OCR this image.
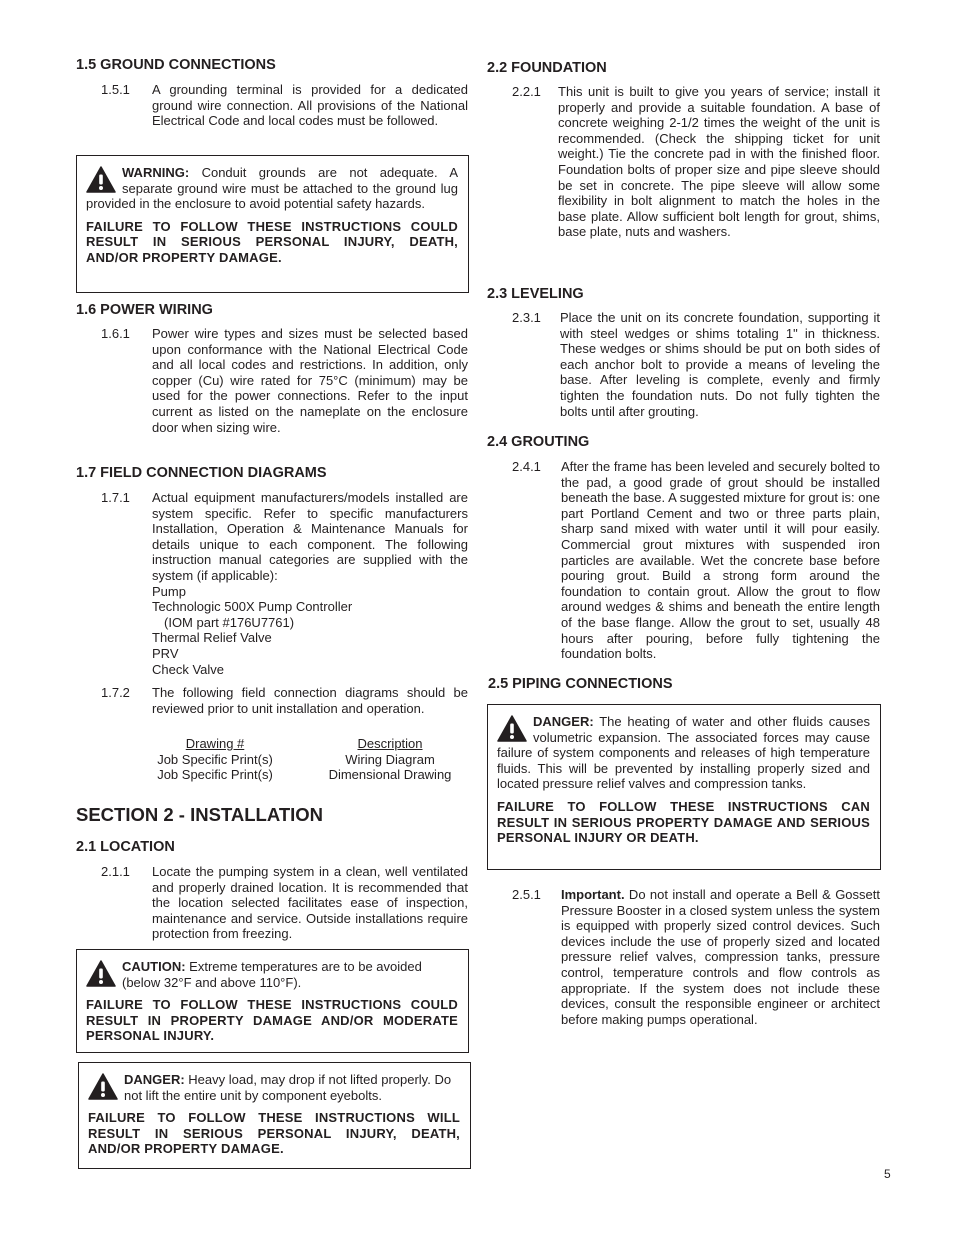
1.5 GROUND CONNECTIONS
1.5.1 A grounding terminal is provided for a dedicated ground wire connection. All provisions of the National Electrical Code and local codes must be followed.

WARNING: Conduit grounds are not adequate. A separate ground wire must be attached to the ground lug provided in the enclosure to avoid potential safety hazards.

FAILURE TO FOLLOW THESE INSTRUCTIONS COULD RESULT IN SERIOUS PERSONAL INJURY, DEATH, AND/OR PROPERTY DAMAGE.

1.6 POWER WIRING
1.6.1 Power wire types and sizes must be selected based upon conformance with the National Electrical Code and all local codes and restrictions. In addition, only copper (Cu) wire rated for 75°C (minimum) may be used for the power connections. Refer to the input current as listed on the nameplate on the enclosure door when sizing wire.
1.7 FIELD CONNECTION DIAGRAMS
1.7.1 Actual equipment manufacturers/models installed are system specific. Refer to specific manufacturers Installation, Operation & Maintenance Manuals for details unique to each component. The following instruction manual categories are supplied with the system (if applicable):
Pump
Technologic 500X Pump Controller
(IOM part #176U7761)
Thermal Relief Valve
PRV
Check Valve
1.7.2 The following field connection diagrams should be reviewed prior to unit installation and operation.
Drawing #	Description
Job Specific Print(s)	Wiring Diagram
Job Specific Print(s)	Dimensional Drawing
SECTION 2 - INSTALLATION
2.1 LOCATION
2.1.1 Locate the pumping system in a clean, well ventilated and properly drained location. It is recommended that the location selected facilitates ease of inspection, maintenance and service. Outside installations require protection from freezing.

CAUTION: Extreme temperatures are to be avoided (below 32°F and above 110°F).

FAILURE TO FOLLOW THESE INSTRUCTIONS COULD RESULT IN PROPERTY DAMAGE AND/OR MODERATE PERSONAL INJURY.

DANGER: Heavy load, may drop if not lifted properly. Do not lift the entire unit by component eyebolts.

FAILURE TO FOLLOW THESE INSTRUCTIONS WILL RESULT IN SERIOUS PERSONAL INJURY, DEATH, AND/OR PROPERTY DAMAGE.

2.2 FOUNDATION
2.2.1 This unit is built to give you years of service; install it properly and provide a suitable foundation. A base of concrete weighing 2-1/2 times the weight of the unit is recommended. (Check the shipping ticket for unit weight.) Tie the concrete pad in with the finished floor. Foundation bolts of proper size and pipe sleeve should be set in concrete. The pipe sleeve will allow some flexibility in bolt alignment to match the holes in the base plate. Allow sufficient bolt length for grout, shims, base plate, nuts and washers.
2.3 LEVELING
2.3.1 Place the unit on its concrete foundation, supporting it with steel wedges or shims totaling 1" in thickness. These wedges or shims should be put on both sides of each anchor bolt to provide a means of leveling the base. After leveling is complete, evenly and firmly tighten the foundation nuts. Do not fully tighten the bolts until after grouting.
2.4 GROUTING
2.4.1 After the frame has been leveled and securely bolted to the pad, a good grade of grout should be installed beneath the base. A suggested mixture for grout is: one part Portland Cement and two or three parts plain, sharp sand mixed with water until it will pour easily. Commercial grout mixtures with suspended iron particles are available. Wet the concrete base before pouring grout. Build a strong form around the foundation to contain grout. Allow the grout to flow around wedges & shims and beneath the entire length of the base flange. Allow the grout to set, usually 48 hours after pouring, before fully tightening the foundation bolts.
2.5 PIPING CONNECTIONS

DANGER: The heating of water and other fluids causes volumetric expansion. The associated forces may cause failure of system components and releases of high temperature fluids. This will be prevented by installing properly sized and located pressure relief valves and compression tanks.

FAILURE TO FOLLOW THESE INSTRUCTIONS CAN RESULT IN SERIOUS PROPERTY DAMAGE AND SERIOUS PERSONAL INJURY OR DEATH.

2.5.1 Important. Do not install and operate a Bell & Gossett Pressure Booster in a closed system unless the system is equipped with properly sized control devices. Such devices include the use of properly sized and located pressure relief valves, compression tanks, pressure control, temperature controls and flow controls as appropriate. If the system does not include these devices, consult the responsible engineer or architect before making pumps operational.
5
